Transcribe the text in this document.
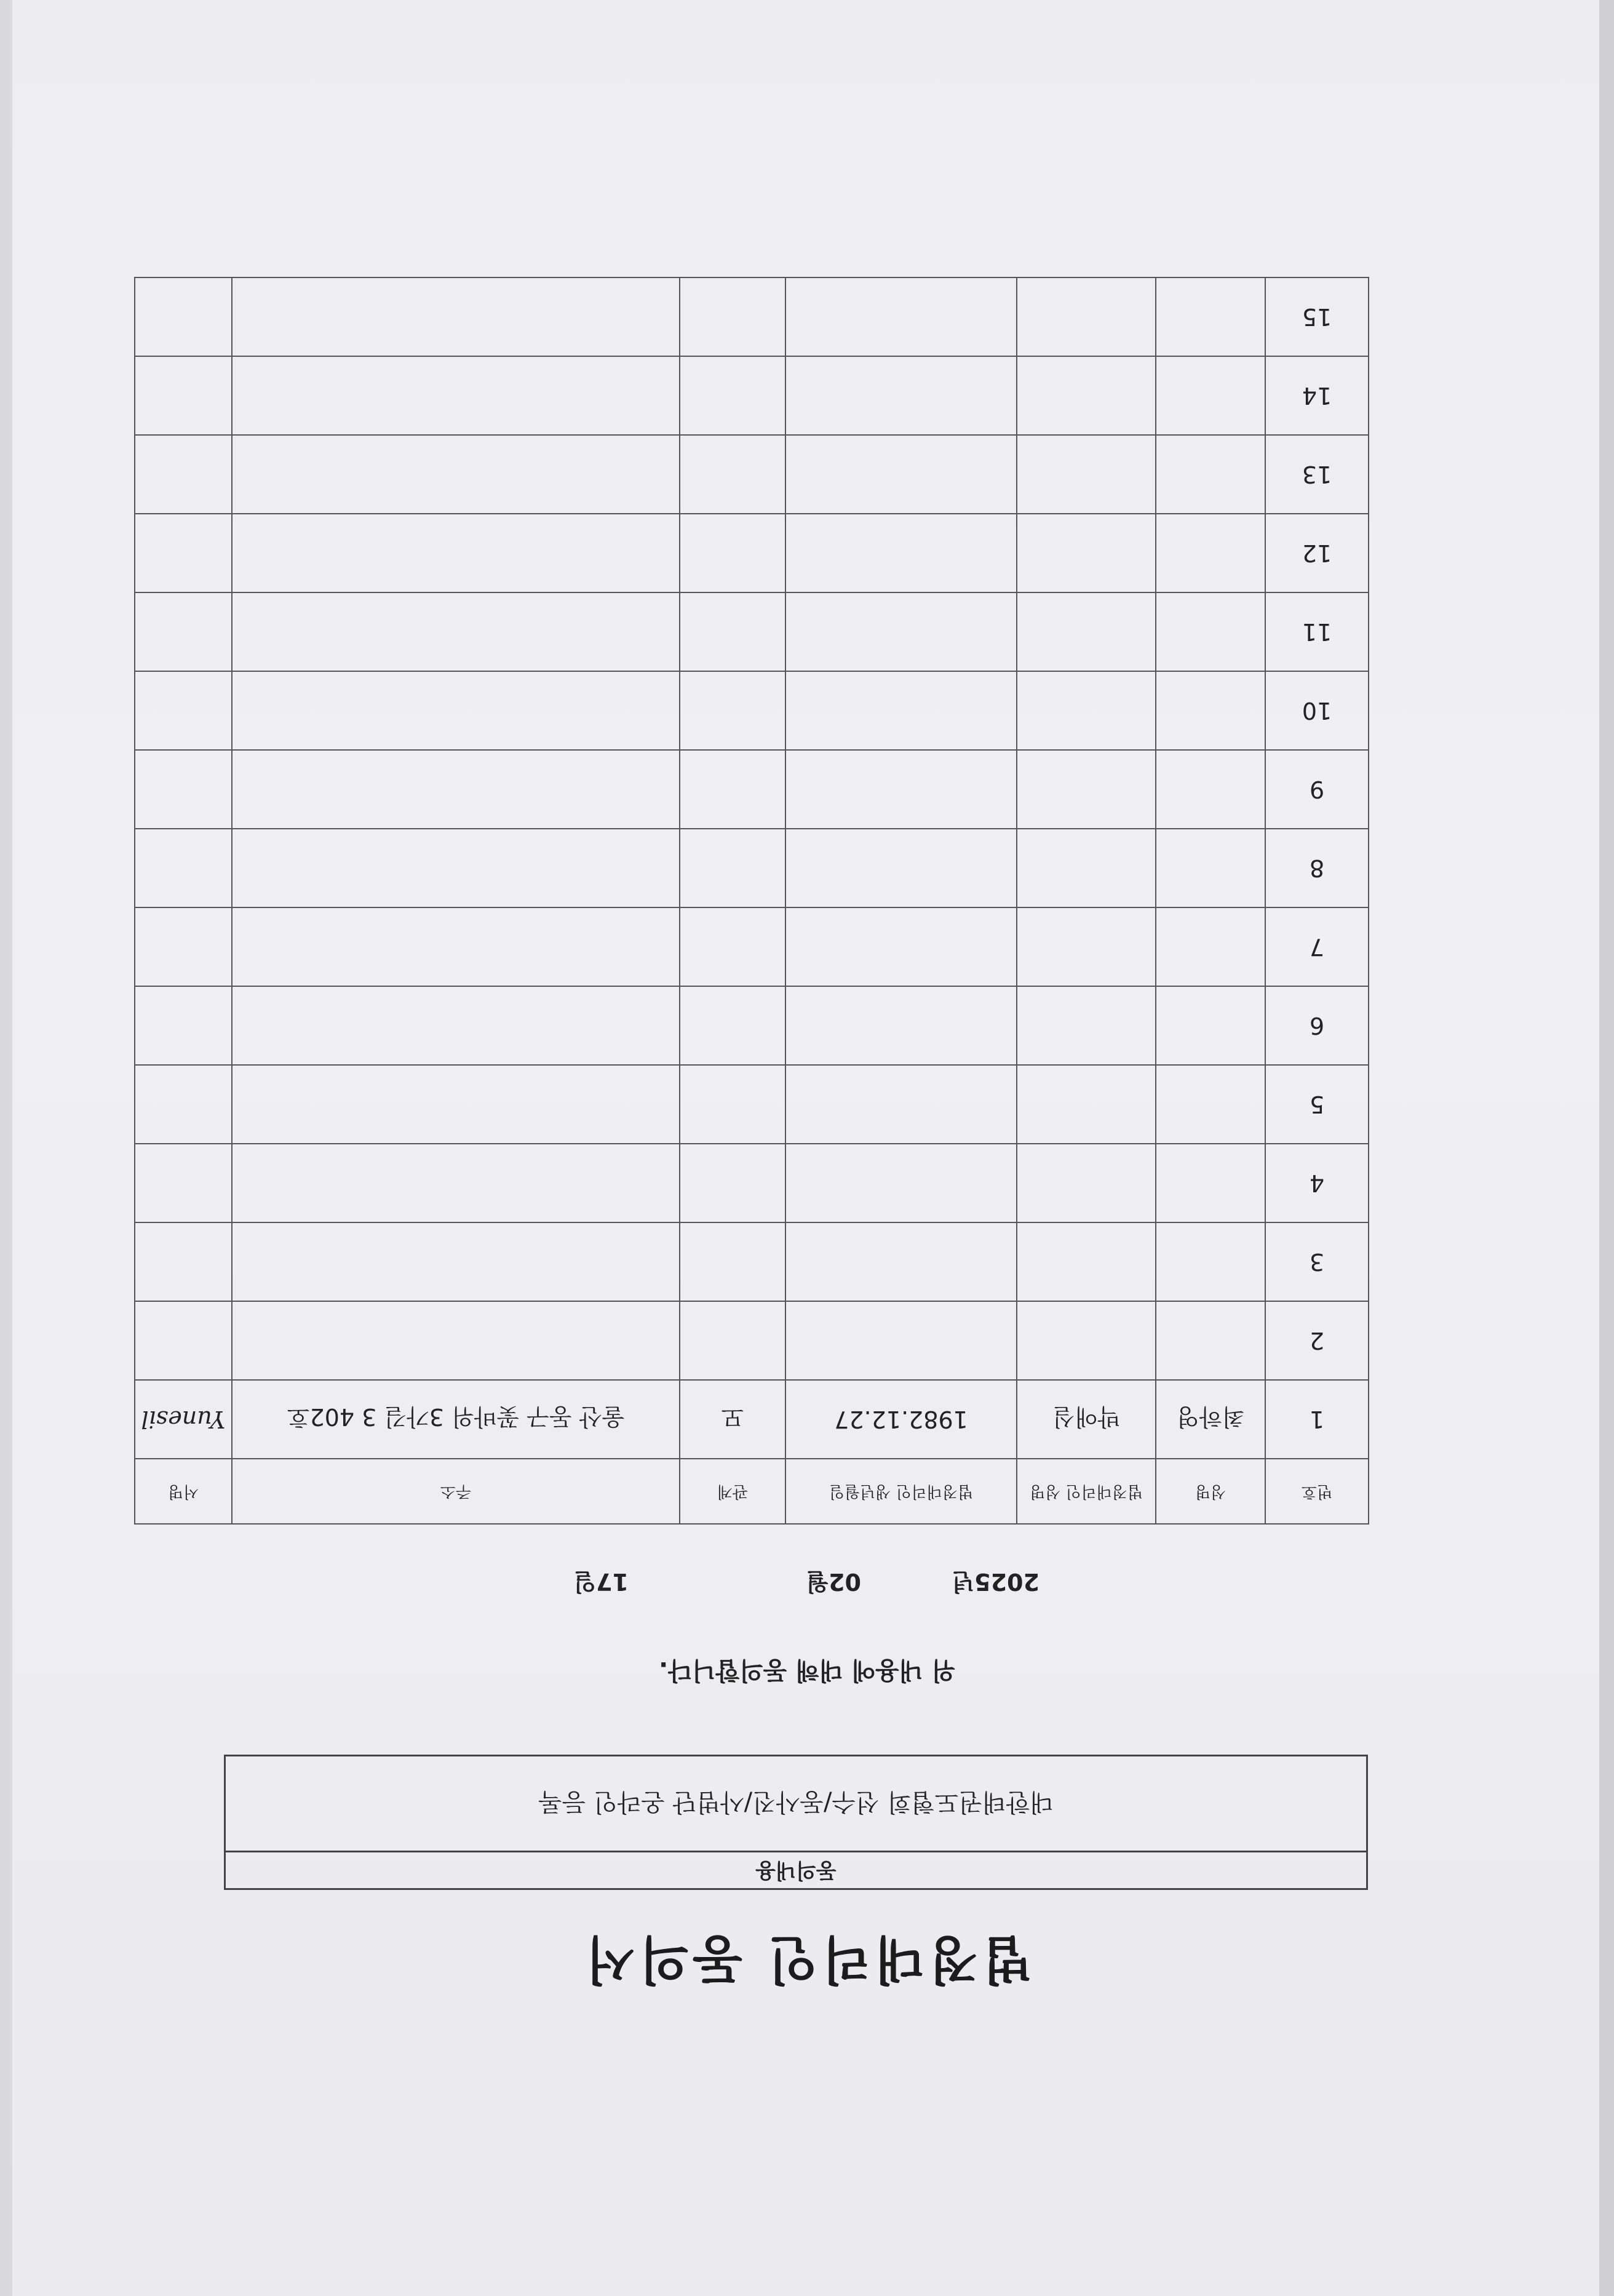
법정대리인 동의서
동의내용
대한태권도협회 선수/동사진/사범단 온라인 등록
위 내용에 대해 동의합니다.
2025년
02월
17일
번호	성명	법정대리인 성명	법정대리인 생년월일	관계	주소	서명
1	최하영	박애실	1982.12.27	모	울산 동구 꽃바위 3가길 3 402호	Yunesil
2						
3						
4						
5						
6						
7						
8						
9						
10						
11						
12						
13						
14						
15						
